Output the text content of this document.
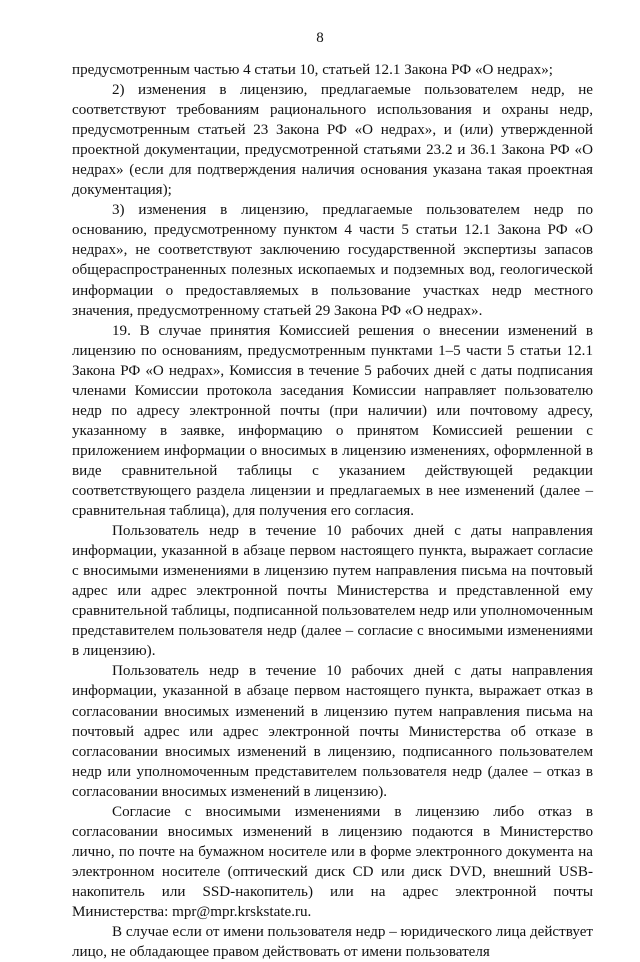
8

предусмотренным частью 4 статьи 10, статьей 12.1 Закона РФ «О недрах»;

2) изменения в лицензию, предлагаемые пользователем недр, не соответствуют требованиям рационального использования и охраны недр, предусмотренным статьей 23 Закона РФ «О недрах», и (или) утвержденной проектной документации, предусмотренной статьями 23.2 и 36.1 Закона РФ «О недрах» (если для подтверждения наличия основания указана такая проектная документация);

3) изменения в лицензию, предлагаемые пользователем недр по основанию, предусмотренному пунктом 4 части 5 статьи 12.1 Закона РФ «О недрах», не соответствуют заключению государственной экспертизы запасов общераспространенных полезных ископаемых и подземных вод, геологической информации о предоставляемых в пользование участках недр местного значения, предусмотренному статьей 29 Закона РФ «О недрах».

19. В случае принятия Комиссией решения о внесении изменений в лицензию по основаниям, предусмотренным пунктами 1–5 части 5 статьи 12.1 Закона РФ «О недрах», Комиссия в течение 5 рабочих дней с даты подписания членами Комиссии протокола заседания Комиссии направляет пользователю недр по адресу электронной почты (при наличии) или почтовому адресу, указанному в заявке, информацию о принятом Комиссией решении с приложением информации о вносимых в лицензию изменениях, оформленной в виде сравнительной таблицы с указанием действующей редакции соответствующего раздела лицензии и предлагаемых в нее изменений (далее – сравнительная таблица), для получения его согласия.

Пользователь недр в течение 10 рабочих дней с даты направления информации, указанной в абзаце первом настоящего пункта, выражает согласие с вносимыми изменениями в лицензию путем направления письма на почтовый адрес или адрес электронной почты Министерства и представленной ему сравнительной таблицы, подписанной пользователем недр или уполномоченным представителем пользователя недр (далее – согласие с вносимыми изменениями в лицензию).

Пользователь недр в течение 10 рабочих дней с даты направления информации, указанной в абзаце первом настоящего пункта, выражает отказ в согласовании вносимых изменений в лицензию путем направления письма на почтовый адрес или адрес электронной почты Министерства об отказе в согласовании вносимых изменений в лицензию, подписанного пользователем недр или уполномоченным представителем пользователя недр (далее – отказ в согласовании вносимых изменений в лицензию).

Согласие с вносимыми изменениями в лицензию либо отказ в согласовании вносимых изменений в лицензию подаются в Министерство лично, по почте на бумажном носителе или в форме электронного документа на электронном носителе (оптический диск CD или диск DVD, внешний USB-накопитель или SSD-накопитель) или на адрес электронной почты Министерства: mpr@mpr.krskstate.ru.

В случае если от имени пользователя недр – юридического лица действует лицо, не обладающее правом действовать от имени пользователя
